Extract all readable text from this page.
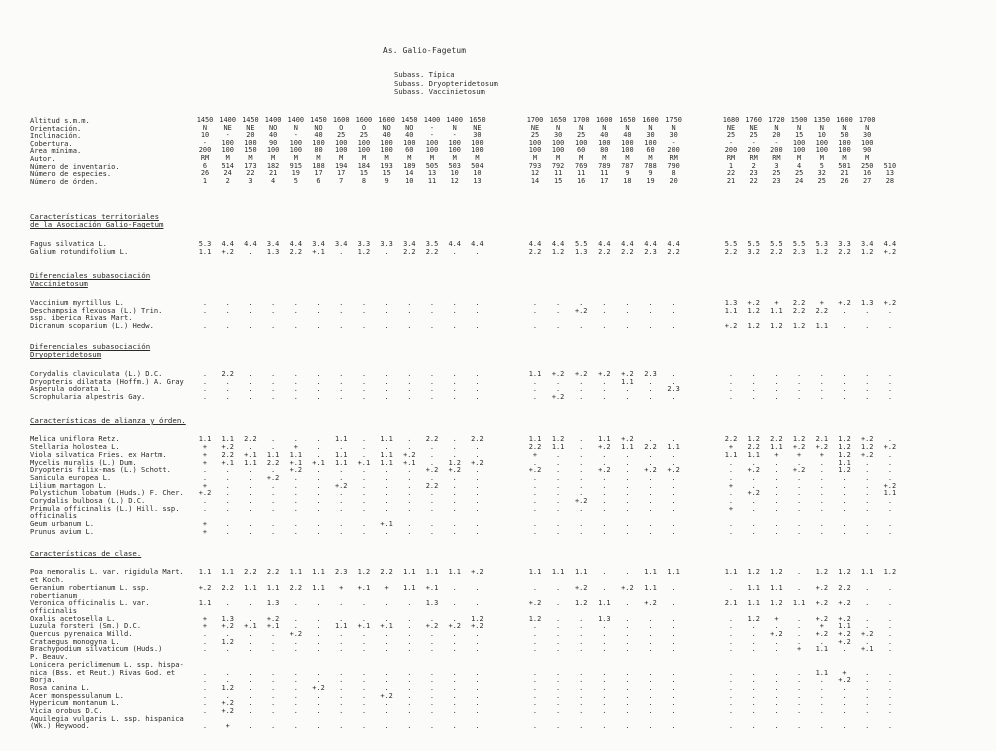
As. Galio-Fagetum
Subass. Típica
Subass. Dryopteridetosum
Subass. Vaccinietosum
Altitud s.m.m.	1450 1400 1450 1400 1400 1450 1600 1600 1600 1450 1400 1400 1650	1700 1650 1700 1600 1650 1600 1750	1680 1760 1720 1500 1350 1600 1700
Orientación.	N	NE	NE	NO	N	NO	O	O	NO	NO	-	N	NE	NE	N	N	N	N	N	N	NE	NE	N	N	N	N	N
Inclinación.	10	-	20	40	-	40	25	25	40	40	-	-	30	25	30	25	40	40	30	30	25	25	20	15	10	50	30
Cobertura.	-	100	100	90	100	100	100	100	100	100	100	100	100	100	100	100	100	100	100	-	-	-	-	100	100	100	100
Área mínima.	200	100	150	100	100	80	100	100	100	60	100	100	100	100	100	60	80	100	60	200	200	200	200	100	100	100	90
Autor.	RM	M	M	M	M	M	M	M	M	M	M	M	M	M	M	M	M	M	M	RM	RM	RM	RM	M	M	M	M
Número de inventario.	6	514	173	182	915	188	194	184	193	189	505	503	504	793	792	769	789	787	788	790	1	2	3	4	5	501	250	510
Número de especies.	26	24	22	21	19	17	17	15	15	14	13	10	10	12	11	11	11	9	9	8	22	23	25	25	32	21	16	13
Número de órden.	1	2	3	4	5	6	7	8	9	10	11	12	13	14	15	16	17	18	19	20	21	22	23	24	25	26	27	28
Características territoriales
de la Asociación Galio-Fagetum
Fagus silvatica L.	5.3	4.4	4.4	3.4	4.4	3.4	3.4	3.3	3.3	3.4	3.5	4.4	4.4	4.4	4.4	5.5	4.4	4.4	4.4	4.4	5.5	5.5	5.5	5.5	5.3	3.3	3.4	4.4
Galium rotundifolium L.	1.1	+.2	.	1.3	2.2	+.1	.	1.2	.	2.2	2.2	.	.	2.2	1.2	1.3	2.2	2.2	2.3	2.2	2.2	3.2	2.2	2.3	1.2	2.2	1.2	+.2
Diferenciales subasociación
Vaccinietosum
Vaccinium myrtillus L.	.	.	.	.	.	.	.	.	.	.	.	.	.	.	.	.	.	.	.	.	1.3	+.2	+	2.2	+	+.2	1.3	+.2
Deschampsia flexuosa (L.) Trin.	.	.	.	.	.	.	.	.	.	.	.	.	.	.	.	+.2	.	.	.	.	1.1	1.2	1.1	2.2	2.2	.	.	.
ssp. iberica Rivas Mart.
Dicranum scoparium (L.) Hedw.	.	.	.	.	.	.	.	.	.	.	.	.	.	.	.	.	.	.	.	.	+.2	1.2	1.2	1.2	1.1	.	.	.
Diferenciales subasociación
Dryopteridetosum
Corydalis claviculata (L.) D.C.	.	2.2	.	.	.	.	.	.	.	.	.	.	.	1.1	+.2	+.2	+.2	+.2	2.3	.	.	.	.	.	.	.	.	.
Dryopteris dilatata (Hoffm.) A. Gray	.	.	.	.	.	.	.	.	.	.	.	.	.	.	.	.	.	1.1	.	.	.	.	.	.	.	.	.	.
Asperula odorata L.	.	.	.	.	.	.	.	.	.	.	.	.	.	.	.	.	.	.	.	2.3	.	.	.	.	.	.	.	.
Scrophularia alpestris Gay.	.	.	.	.	.	.	.	.	.	.	.	.	.	.	+.2	.	.	.	.	.	.	.	.	.	.	.	.	.
Características de alianza y órden.
Melica uniflora Retz.	1.1	1.1	2.2	.	.	.	1.1	.	1.1	.	2.2	.	2.2	1.1	1.2	.	1.1	+.2	.	.	2.2	1.2	2.2	1.2	2.1	1.2	+.2	.
Stellaria holostea L.	+	+.2	.	.	+	.	.	.	.	.	.	.	.	2.2	1.1	.	+.2	1.1	2.2	1.1	+	2.2	1.1	+.2	+.2	1.2	1.2	+.2
Viola silvatica Fries. ex Hartm.	+	2.2	+.1	1.1	1.1	.	1.1	.	1.1	+.2	.	.	.	+	.	.	.	.	.	.	1.1	1.1	+	+	+	1.2	+.2	.
Mycelis muralis (L.) Dum.	+	+.1	1.1	2.2	+.1	+.1	1.1	+.1	1.1	+.1	.	1.2	+.2	.	.	.	.	.	.	.	.	.	.	.	.	1.1	.	.
Dryopteris filix-mas (L.) Schott.	.	.	.	.	+.2	.	.	.	.	.	+.2	+.2	.	+.2	.	.	+.2	.	+.2	+.2	.	+.2	.	+.2	.	1.2	.	.
Sanicula europea L.	.	.	.	+.2	.	.	.	.	.	.	.	.	.	.	.	.	.	.	.	.	.	.	.	.	.	.	.	.
Lilium martagon L.	+	.	.	.	.	.	+.2	.	.	.	2.2	.	.	.	.	.	.	.	.	.	+	.	.	.	.	.	.	+.2
Polystichum lobatum (Huds.) F. Cher.	+.2	.	.	.	.	.	.	.	.	.	.	.	.	.	.	.	.	.	.	.	.	+.2	.	.	.	.	.	1.1
Corydalis bulbosa (L.) D.C.	.	.	.	.	.	.	.	.	.	.	.	.	.	.	.	+.2	.	.	.	.	.	.	.	.	.	.	.	.
Primula officinalis (L.) Hill. ssp.	.	.	.	.	.	.	.	.	.	.	.	.	.	.	.	.	.	.	.	.	+	.	.	.	.	.	.	.
officinalis
Geum urbanum L.	+	.	.	.	.	.	.	.	+.1	.	.	.	.	.	.	.	.	.	.	.	.	.	.	.	.	.	.	.
Prunus avium L.	+	.	.	.	.	.	.	.	.	.	.	.	.	.	.	.	.	.	.	.	.	.	.	.	.	.	.	.
Características de clase.
Poa nemoralis L. var. rigidula Mart.	1.1	1.1	2.2	2.2	1.1	1.1	2.3	1.2	2.2	1.1	1.1	1.1	+.2	1.1	1.1	1.1	.	.	1.1	1.1	1.1	1.2	1.2	.	1.2	1.2	1.1	1.2
et Koch.
Geranium robertianum L. ssp.	+.2	2.2	1.1	1.1	2.2	1.1	+	+.1	+	1.1	+.1	.	.	.	.	+.2	.	+.2	1.1	.	.	1.1	1.1	.	+.2	2.2	.	.
robertianum
Veronica officinalis L. var.	1.1	.	.	1.3	.	.	.	.	.	.	1.3	.	.	+.2	.	1.2	1.1	.	+.2	.	2.1	1.1	1.2	1.1	+.2	+.2	.	.
officinalis
Oxalis acetosella L.	+	1.3	.	+.2	.	.	.	.	.	.	.	.	1.2	1.2	.	.	1.3	.	.	.	.	1.2	+	.	+.2	+.2	.	.
Luzula forsteri (Sm.) D.C.	+	+.2	+.1	+.1	.	.	1.1	+.1	+.1	.	+.2	+.2	+.2	.	.	.	.	.	.	.	.	.	.	.	+	1.1	.	.
Quercus pyrenaica Willd.	.	.	.	.	+.2	.	.	.	.	.	.	.	.	.	.	.	.	.	.	.	.	.	+.2	.	+.2	+.2	+.2	.
Crataegus monogyna L.	.	1.2	.	.	.	.	.	.	.	.	.	.	.	.	.	.	.	.	.	.	.	.	.	.	.	+.2	.	.
Brachypodium silvaticum (Huds.)	.	.	.	.	.	.	.	.	.	.	.	.	.	.	.	.	.	.	.	.	.	.	.	+	1.1	.	+.1	.
P. Beauv.
Lonicera periclimenum L. ssp. hispa-
nica (Bss. et Reut.) Rivas God. et	.	.	.	.	.	.	.	.	.	.	.	.	.	.	.	.	.	.	.	.	.	.	.	.	1.1	+	.	.
Borja.	.	.	.	.	.	.	.	.	.	.	.	.	.	.	.	.	.	.	.	.	.	.	.	.	.	+.2	.	.
Rosa canina L.	.	1.2	.	.	.	+.2	.	.	.	.	.	.	.	.	.	.	.	.	.	.	.	.	.	.	.	.	.	.
Acer monspessulanum L.	.	.	.	.	.	.	.	.	+.2	.	.	.	.	.	.	.	.	.	.	.	.	.	.	.	.	.	.	.
Hypericum montanum L.	.	+.2	.	.	.	.	.	.	.	.	.	.	.	.	.	.	.	.	.	.	.	.	.	.	.	.	.	.
Vicia orobus D.C.	.	+.2	.	.	.	.	.	.	.	.	.	.	.	.	.	.	.	.	.	.	.	.	.	.	.	.	.	.
Aquilegia vulgaris L. ssp. hispanica
(Wk.) Heywood.	.	+	.	.	.	.	.	.	.	.	.	.	.	.	.	.	.	.	.	.	.	.	.	.	.	.	.	.
